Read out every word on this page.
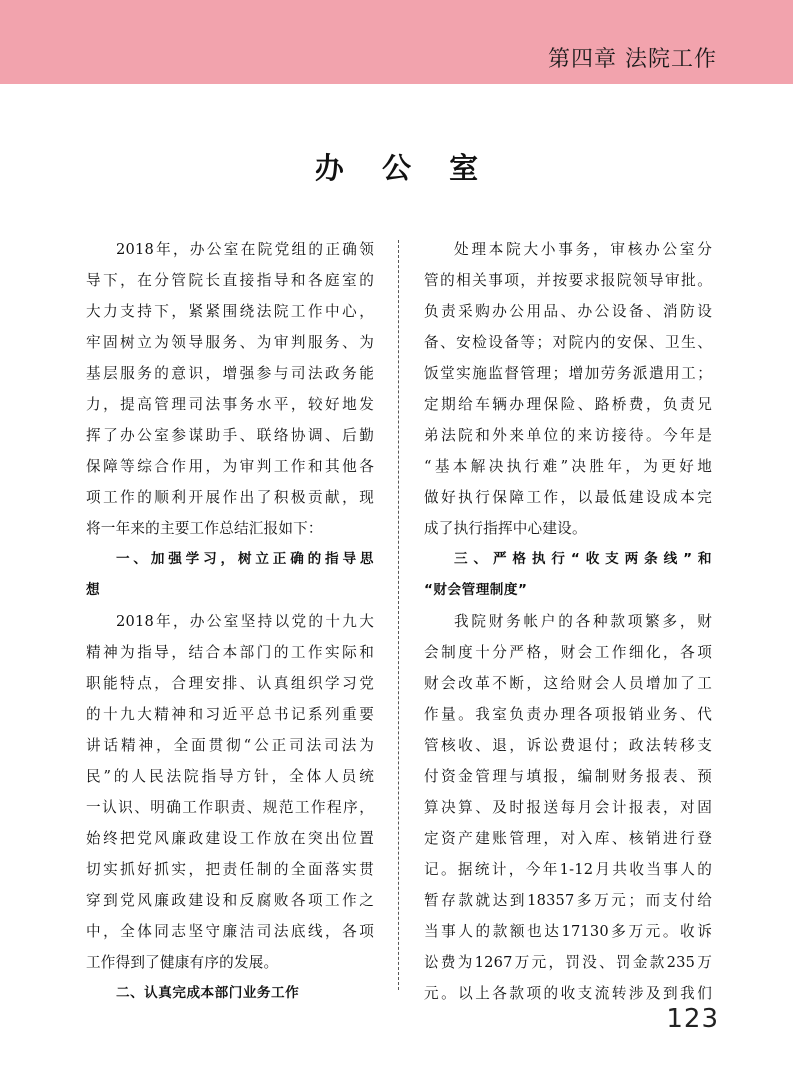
第四章 法院工作
办 公 室
2018年，办公室在院党组的正确领
导下，在分管院长直接指导和各庭室的
大力支持下，紧紧围绕法院工作中心，
牢固树立为领导服务、为审判服务、为
基层服务的意识，增强参与司法政务能
力，提高管理司法事务水平，较好地发
挥了办公室参谋助手、联络协调、后勤
保障等综合作用，为审判工作和其他各
项工作的顺利开展作出了积极贡献，现
将一年来的主要工作总结汇报如下：
一、加强学习，树立正确的指导思
想
2018年，办公室坚持以党的十九大
精神为指导，结合本部门的工作实际和
职能特点，合理安排、认真组织学习党
的十九大精神和习近平总书记系列重要
讲话精神，全面贯彻“公正司法司法为
民”的人民法院指导方针，全体人员统
一认识、明确工作职责、规范工作程序，
始终把党风廉政建设工作放在突出位置
切实抓好抓实，把责任制的全面落实贯
穿到党风廉政建设和反腐败各项工作之
中，全体同志坚守廉洁司法底线，各项
工作得到了健康有序的发展。
二、认真完成本部门业务工作
处理本院大小事务，审核办公室分
管的相关事项，并按要求报院领导审批。
负责采购办公用品、办公设备、消防设
备、安检设备等；对院内的安保、卫生、
饭堂实施监督管理；增加劳务派遣用工；
定期给车辆办理保险、路桥费，负责兄
弟法院和外来单位的来访接待。今年是
“基本解决执行难”决胜年，为更好地
做好执行保障工作，以最低建设成本完
成了执行指挥中心建设。
三、严格执行“收支两条线”和
“财会管理制度”
我院财务帐户的各种款项繁多，财
会制度十分严格，财会工作细化，各项
财会改革不断，这给财会人员增加了工
作量。我室负责办理各项报销业务、代
管核收、退，诉讼费退付；政法转移支
付资金管理与填报，编制财务报表、预
算决算、及时报送每月会计报表，对固
定资产建账管理，对入库、核销进行登
记。据统计，今年1-12月共收当事人的
暂存款就达到18357多万元；而支付给
当事人的款额也达17130多万元。收诉
讼费为1267万元，罚没、罚金款235万
元。以上各款项的收支流转涉及到我们
123
